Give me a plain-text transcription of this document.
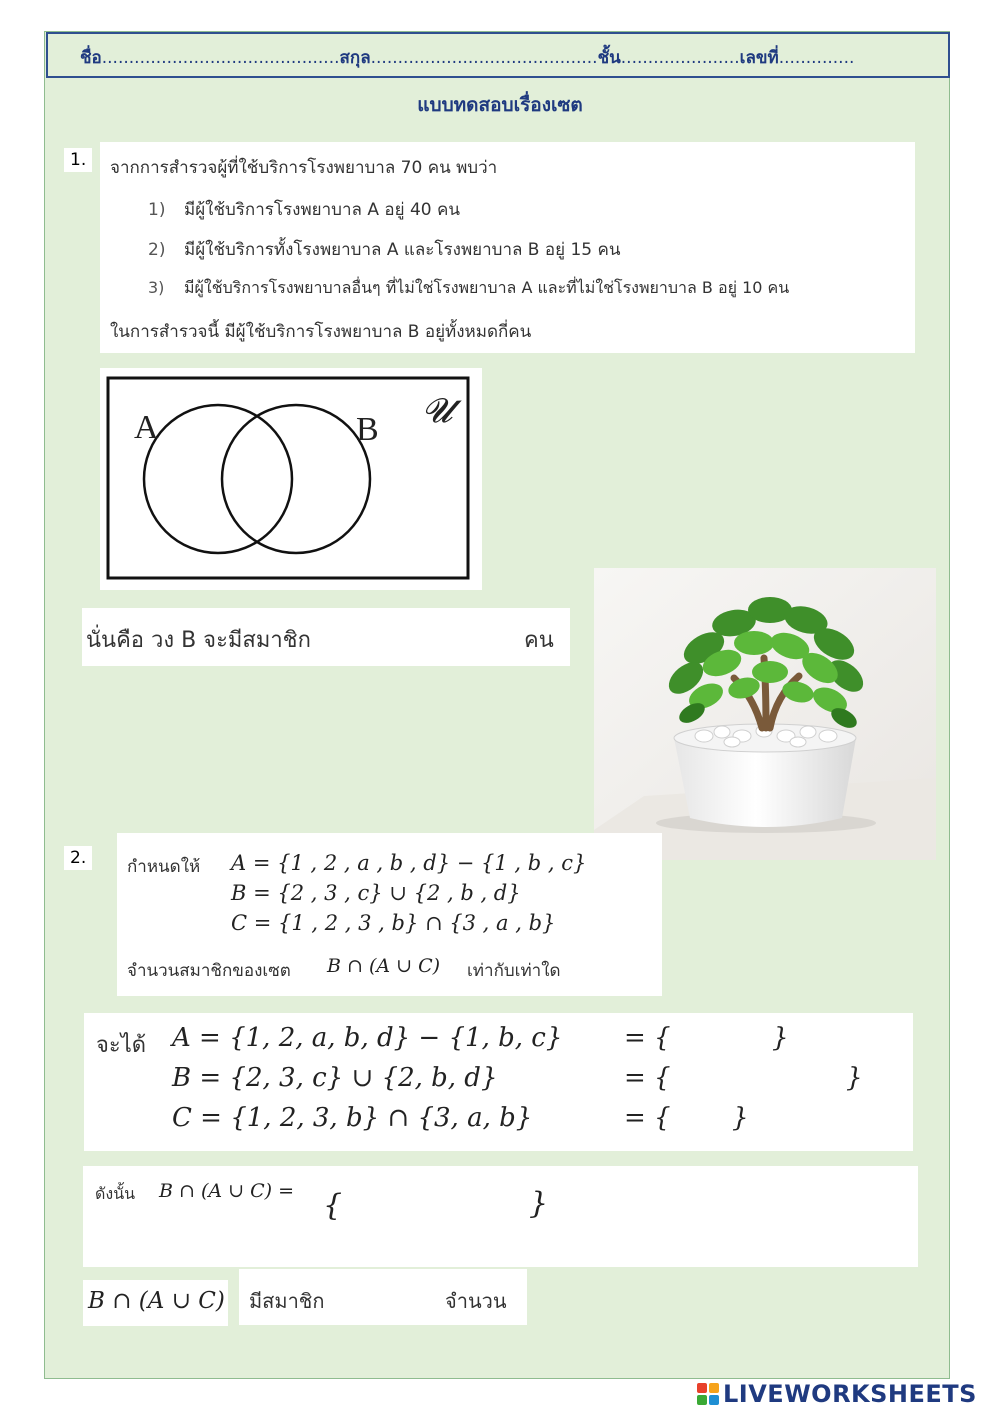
ชื่อ............................................สกุล..........................................ชั้น......................เลขที่..............
แบบทดสอบเรื่องเซต
1.	จากการสำรวจผู้ที่ใช้บริการโรงพยาบาล 70 คน พบว่า
1) มีผู้ใช้บริการโรงพยาบาล A อยู่ 40 คน
2) มีผู้ใช้บริการทั้งโรงพยาบาล A และโรงพยาบาล B อยู่ 15 คน
3) มีผู้ใช้บริการโรงพยาบาลอื่นๆ ที่ไม่ใช่โรงพยาบาล A และที่ไม่ใช่โรงพยาบาล B อยู่ 10 คน
ในการสำรวจนี้ มีผู้ใช้บริการโรงพยาบาล B อยู่ทั้งหมดกี่คน
A	B 𝓤
นั่นคือ วง B จะมีสมาชิก	คน
2.	กำหนดให้ A = {1 , 2 , a , b , d} − {1 , b , c}
B = {2 , 3 , c} ∪ {2 , b , d}
C = {1 , 2 , 3 , b} ∩ {3 , a , b}
จำนวนสมาชิกของเซต B ∩ (A ∪ C) เท่ากับเท่าใด
จะได้ A = {1, 2, a, b, d} − {1, b, c} = {	}
B = {2, 3, c} ∪ {2, b, d}	= {	}
C = {1, 2, 3, b} ∩ {3, a, b}	= { }
ดังนั้น B ∩ (A ∪ C) = {	}
B ∩ (A ∪ C) มีสมาชิก	จำนวน
LIVEWORKSHEETS
